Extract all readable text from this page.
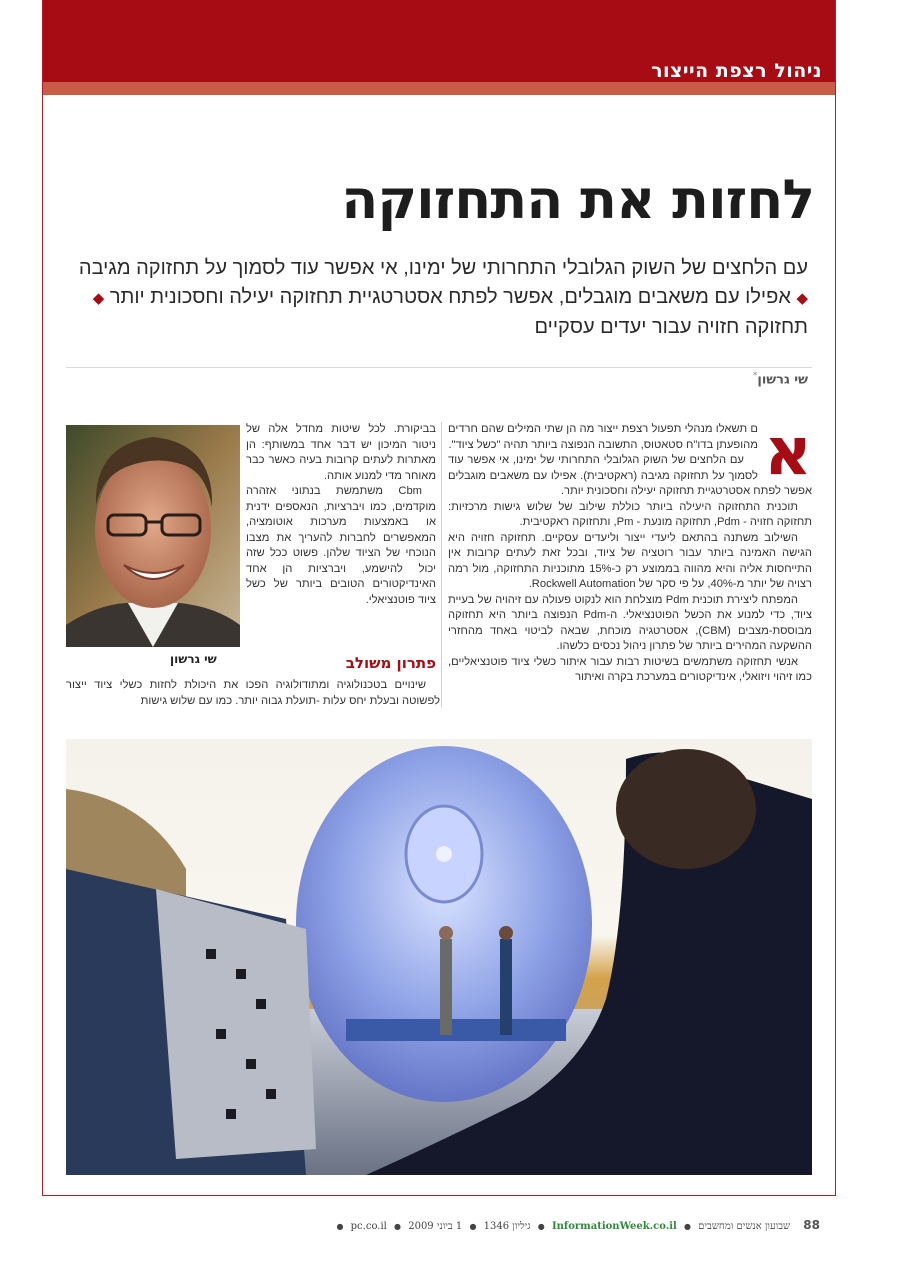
ניהול רצפת הייצור
לחזות את התחזוקה
עם הלחצים של השוק הגלובלי התחרותי של ימינו, אי אפשר עוד לסמוך על תחזוקה מגיבה
◆ אפילו עם משאבים מוגבלים, אפשר לפתח אסטרטגיית תחזוקה יעילה וחסכונית יותר ◆
תחזוקה חזויה עבור יעדים עסקיים
שי גרשון*
א

ם תשאלו מנהלי תפעול רצפת ייצור מה הן שתי המילים שהם חרדים מהופעתן בדו"ח סטאטוס, התשובה הנפוצה ביותר תהיה "כשל ציוד".

עם הלחצים של השוק הגלובלי התחרותי של ימינו, אי אפשר עוד לסמוך על תחזוקה מגיבה (ראקטיבית). אפילו עם משאבים מוגבלים אפשר לפתח אסטרטגיית תחזוקה יעילה וחסכונית יותר.

תוכנית התחזוקה היעילה ביותר כוללת שילוב של שלוש גישות מרכזיות: תחזוקה חזויה - Pdm, תחזוקה מונעת - Pm, ותחזוקה ראקטיבית.

השילוב משתנה בהתאם ליעדי ייצור וליעדים עסקיים. תחזוקה חזויה היא הגישה האמינה ביותר עבור רוטציה של ציוד, ובכל זאת לעתים קרובות אין התייחסות אליה והיא מהווה בממוצע רק כ-15% מתוכניות התחזוקה, מול רמה רצויה של יותר מ-40%, על פי סקר של Rockwell Automation.

המפתח ליצירת תוכנית Pdm מוצלחת הוא לנקוט פעולה עם זיהויה של בעיית ציוד, כדי למנוע את הכשל הפוטנציאלי. ה-Pdm הנפוצה ביותר היא תחזוקה מבוססת-מצבים (CBM), אסטרטגיה מוכחת, שבאה לביטוי באחד מהחזרי ההשקעה המהירים ביותר של פתרון ניהול נכסים כלשהו.

אנשי תחזוקה משתמשים בשיטות רבות עבור איתור כשלי ציוד פוטנציאליים, כמו זיהוי ויזואלי, אינדיקטורים במערכת בקרה ואיתור

בביקורת. לכל שיטות מחדל אלה של ניטור המיכון יש דבר אחד במשותף: הן מאתרות לעתים קרובות בעיה כאשר כבר מאוחר מדי למנוע אותה.

Cbm משתמשת בנתוני אזהרה מוקדמים, כמו ויברציות, הנאספים ידנית או באמצעות מערכות אוטומציה, המאפשרים לחברות להעריך את מצבו הנוכחי של הציוד שלהן. פשוט ככל שזה יכול להישמע, ויברציות הן אחד האינדיקטורים הטובים ביותר של כשל ציוד פוטנציאלי.

פתרון משולב

שינויים בטכנולוגיה ומתודולוגיה הפכו את היכולת לחזות כשלי ציוד ייצור לפשוטה ובעלת יחס עלות -תועלת גבוה יותר. כמו עם שלוש גישות

שי גרשון
88 שבועון אנשים ומחשבים ● InformationWeek.co.il ● גיליון 1346 ● 1 ביוני 2009 ● pc.co.il ●
